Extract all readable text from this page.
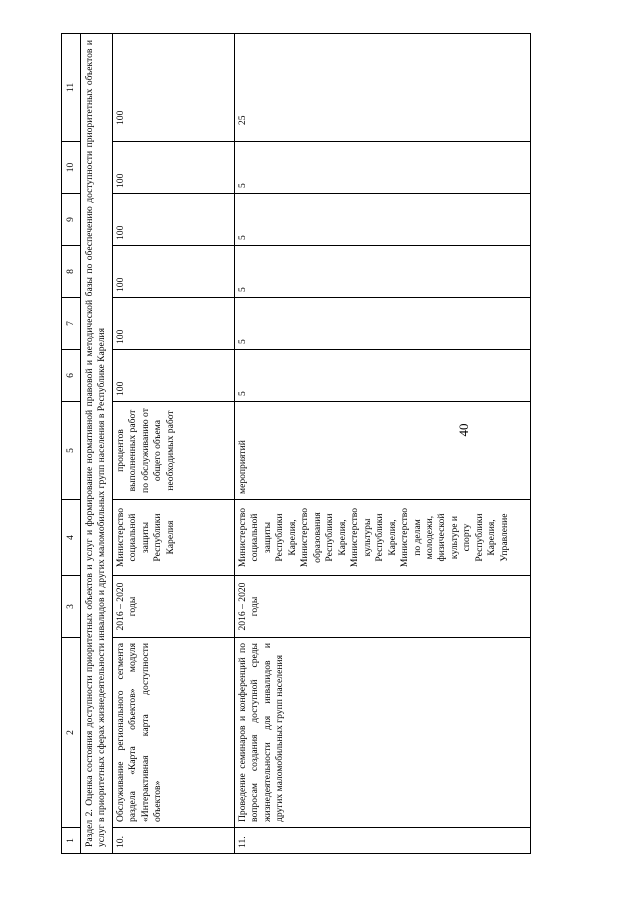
40
1	2	3	4	5	6	7	8	9	10	11
Раздел 2. Оценка состояния доступности приоритетных объектов и услуг и формирование нормативной правовой и методической базы по обеспечению доступности приоритетных объектов и услуг в приоритетных сферах жизнедеятельности инвалидов и других маломобильных групп населения в Республике Карелия										
10.	Обслуживание регионального сегмента раздела «Карта объектов» модуля «Интерактивная карта доступности объектов»	2016 – 2020 годы	Министерство социальной защиты Республики Карелия	процентов выполненных работ по обслуживанию от общего объема необходимых работ	100	100	100	100	100	100
11.	Проведение семинаров и конференций по вопросам создания доступной среды жизнедеятельности для инвалидов и других маломобильных групп населения	2016 – 2020 годы	Министерство социальной защиты Республики Карелия, Министерство образования Республики Карелия, Министерство культуры Республики Карелия, Министерство по делам молодежи, физической культуре и спорту Республики Карелия, Управление	мероприятий	5	5	5	5	5	25
